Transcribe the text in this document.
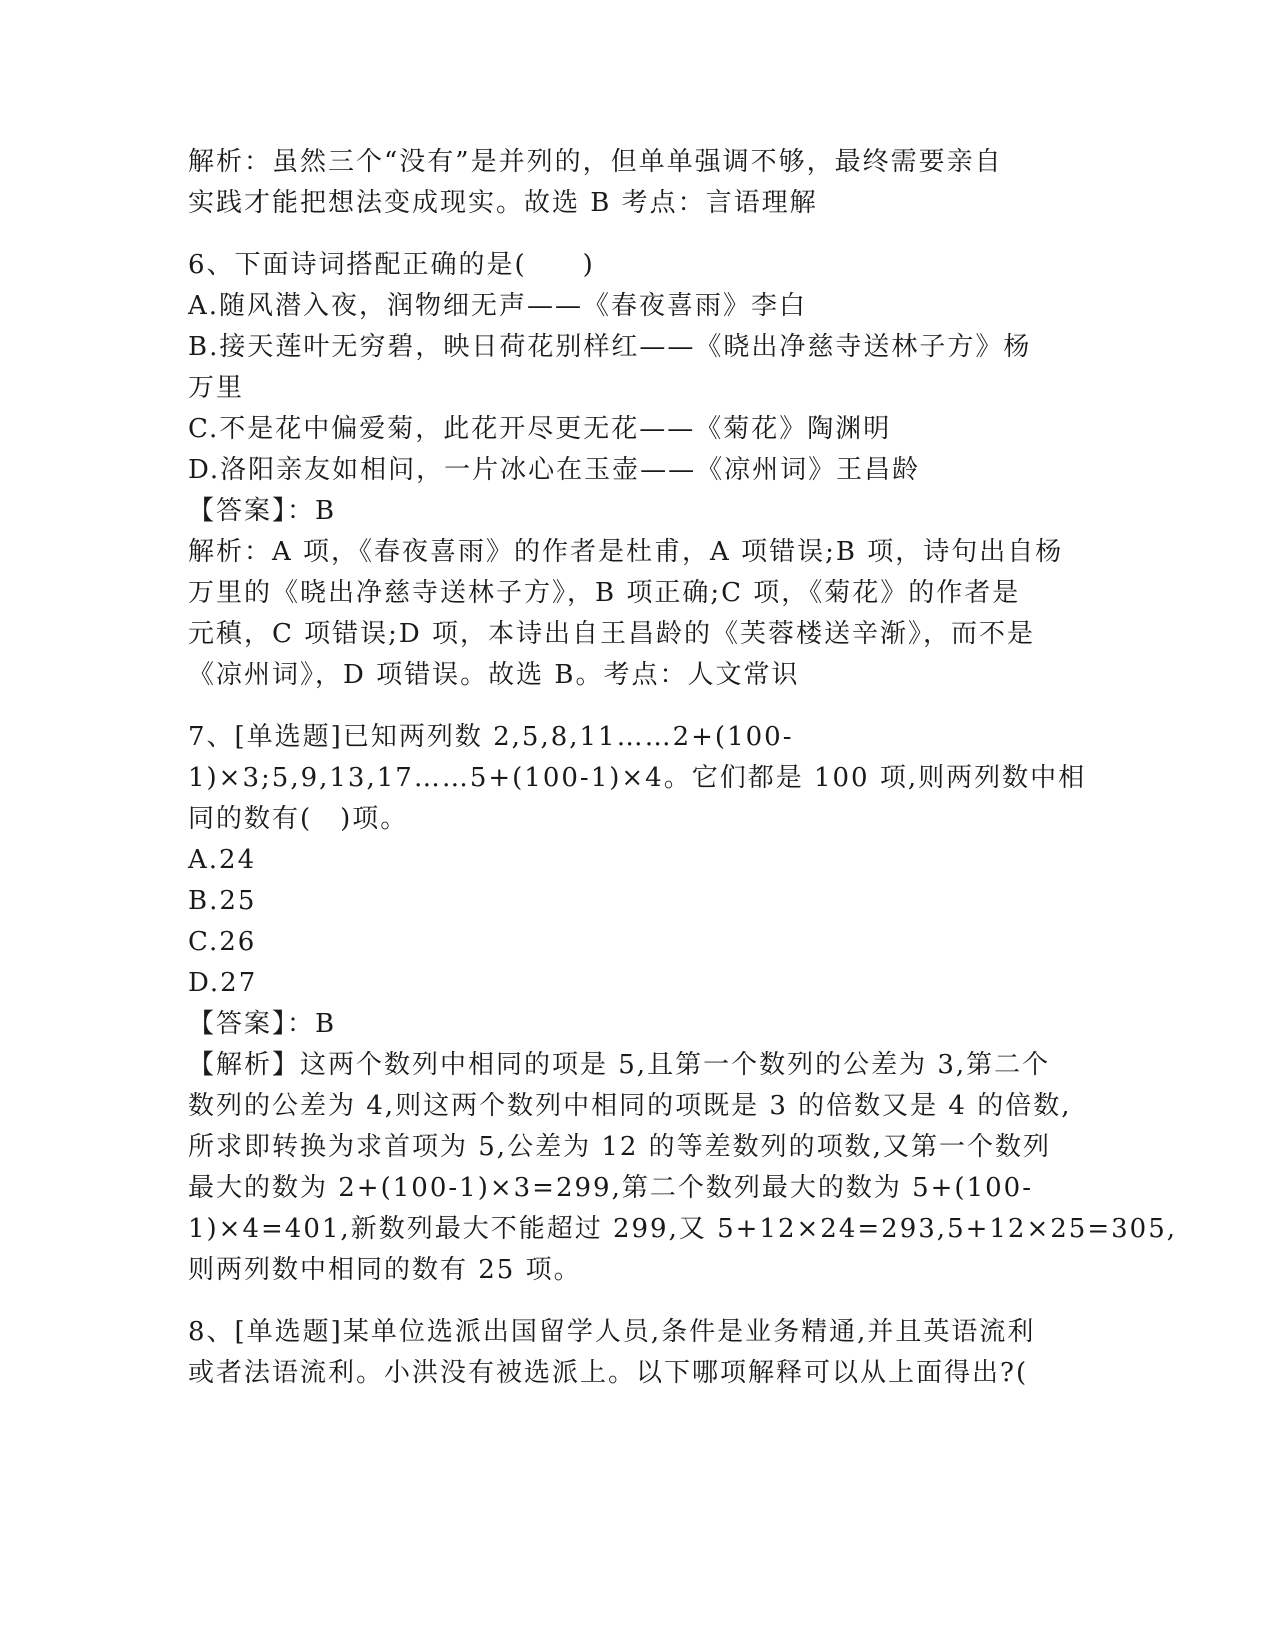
解析：虽然三个“没有”是并列的，但单单强调不够，最终需要亲自
实践才能把想法变成现实。故选 B 考点：言语理解
6、下面诗词搭配正确的是(　　)
A.随风潜入夜，润物细无声——《春夜喜雨》李白
B.接天莲叶无穷碧，映日荷花别样红——《晓出净慈寺送林子方》杨
万里
C.不是花中偏爱菊，此花开尽更无花——《菊花》陶渊明
D.洛阳亲友如相问，一片冰心在玉壶——《凉州词》王昌龄
【答案】：B
解析：A 项，《春夜喜雨》的作者是杜甫，A 项错误;B 项，诗句出自杨
万里的《晓出净慈寺送林子方》，B 项正确;C 项，《菊花》的作者是
元稹，C 项错误;D 项，本诗出自王昌龄的《芙蓉楼送辛渐》，而不是
《凉州词》，D 项错误。故选 B。考点：人文常识
7、[单选题]已知两列数 2,5,8,11……2+(100-
1)×3;5,9,13,17……5+(100-1)×4。它们都是 100 项,则两列数中相
同的数有(　)项。
A.24
B.25
C.26
D.27
【答案】：B
【解析】这两个数列中相同的项是 5,且第一个数列的公差为 3,第二个
数列的公差为 4,则这两个数列中相同的项既是 3 的倍数又是 4 的倍数,
所求即转换为求首项为 5,公差为 12 的等差数列的项数,又第一个数列
最大的数为 2+(100-1)×3=299,第二个数列最大的数为 5+(100-
1)×4=401,新数列最大不能超过 299,又 5+12×24=293,5+12×25=305,
则两列数中相同的数有 25 项。
8、[单选题]某单位选派出国留学人员,条件是业务精通,并且英语流利
或者法语流利。小洪没有被选派上。以下哪项解释可以从上面得出?(
